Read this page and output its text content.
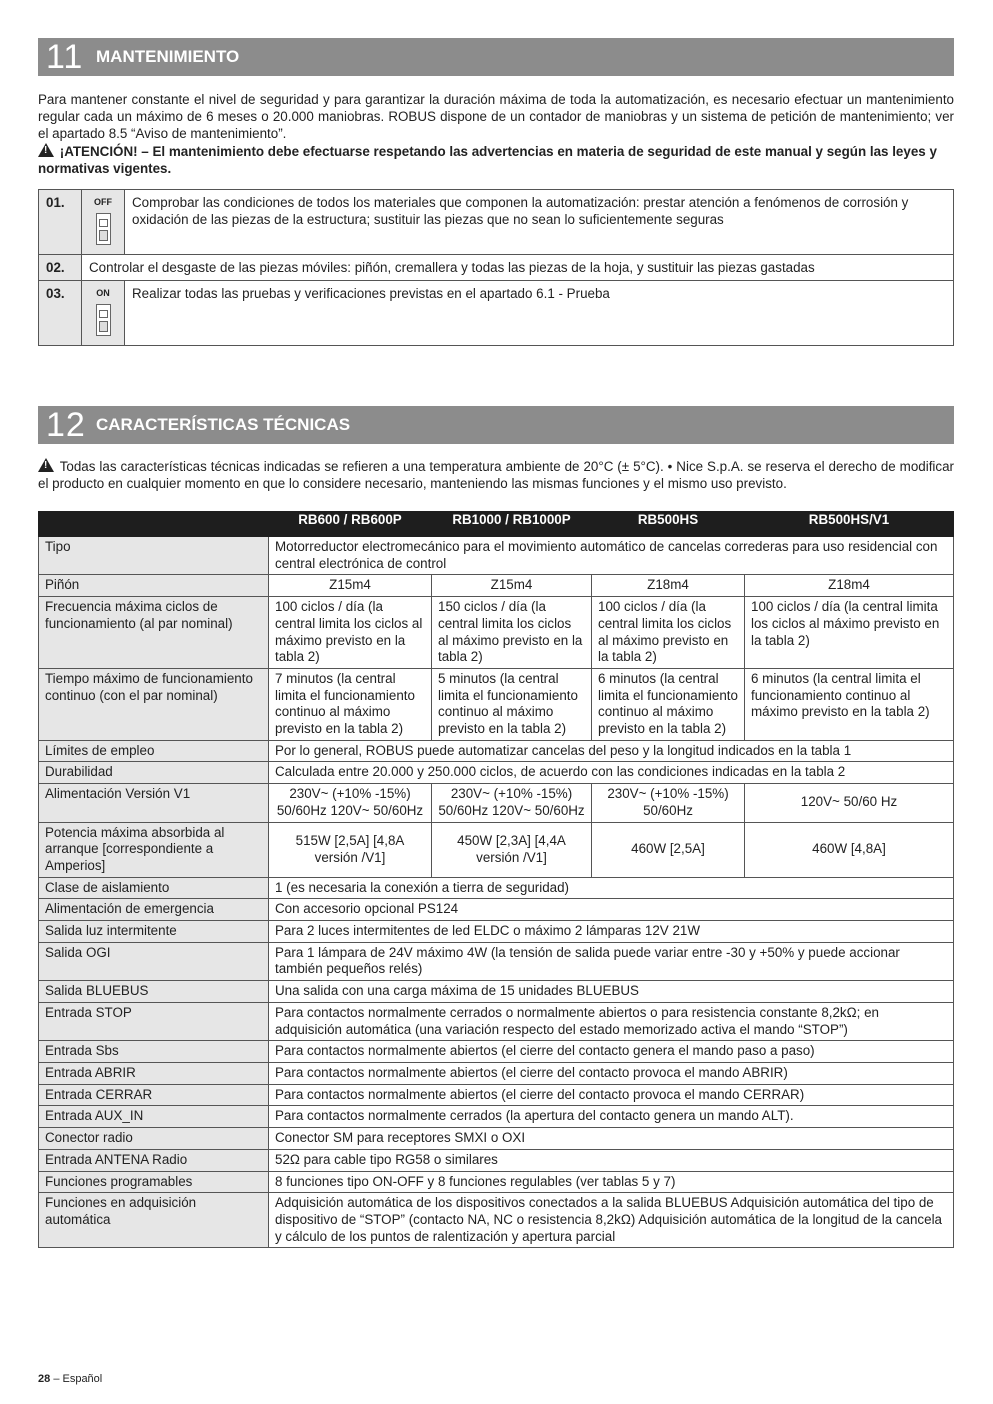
11 MANTENIMIENTO

Para mantener constante el nivel de seguridad y para garantizar la duración máxima de toda la automatización, es necesario efectuar un mantenimiento regular cada un máximo de 6 meses o 20.000 maniobras. ROBUS dispone de un contador de maniobras y un sistema de petición de mantenimiento; ver el apartado 8.5 “Aviso de mantenimiento”.

! ¡ATENCIÓN! – El mantenimiento debe efectuarse respetando las advertencias en materia de seguridad de este manual y según las leyes y normativas vigentes.

01.	OFF	Comprobar las condiciones de todos los materiales que componen la automatización: prestar atención a fenómenos de corrosión y oxidación de las piezas de la estructura; sustituir las piezas que no sean lo suficientemente seguras
02.	Controlar el desgaste de las piezas móviles: piñón, cremallera y todas las piezas de la hoja, y sustituir las piezas gastadas	
03.	ON	Realizar todas las pruebas y verificaciones previstas en el apartado 6.1 - Prueba
12 CARACTERÍSTICAS TÉCNICAS

! Todas las características técnicas indicadas se refieren a una temperatura ambiente de 20°C (± 5°C). • Nice S.p.A. se reserva el derecho de modificar el producto en cualquier momento en que lo considere necesario, manteniendo las mismas funciones y el mismo uso previsto.

	RB600 / RB600P	RB1000 / RB1000P	RB500HS	RB500HS/V1
Tipo	Motorreductor electromecánico para el movimiento automático de cancelas correderas para uso residencial con central electrónica de control			
Piñón	Z15m4	Z15m4	Z18m4	Z18m4
Frecuencia máxima ciclos de funcionamiento (al par nominal)	100 ciclos / día (la central limita los ciclos al máximo previsto en la tabla 2)	150 ciclos / día (la central limita los ciclos al máximo previsto en la tabla 2)	100 ciclos / día (la central limita los ciclos al máximo previsto en la tabla 2)	100 ciclos / día (la central limita los ciclos al máximo previsto en la tabla 2)
Tiempo máximo de funcionamiento continuo (con el par nominal)	7 minutos (la central limita el funcionamiento continuo al máximo previsto en la tabla 2)	5 minutos (la central limita el funcionamiento continuo al máximo previsto en la tabla 2)	6 minutos (la central limita el funcionamiento continuo al máximo previsto en la tabla 2)	6 minutos (la central limita el funcionamiento continuo al máximo previsto en la tabla 2)
Límites de empleo	Por lo general, ROBUS puede automatizar cancelas del peso y la longitud indicados en la tabla 1			
Durabilidad	Calculada entre 20.000 y 250.000 ciclos, de acuerdo con las condiciones indicadas en la tabla 2			
Alimentación Versión V1	230V~ (+10% -15%) 50/60Hz 120V~ 50/60Hz	230V~ (+10% -15%) 50/60Hz 120V~ 50/60Hz	230V~ (+10% -15%) 50/60Hz	120V~ 50/60 Hz
Potencia máxima absorbida al arranque [correspondiente a Amperios]	515W [2,5A] [4,8A versión /V1]	450W [2,3A] [4,4A versión /V1]	460W [2,5A]	460W [4,8A]
Clase de aislamiento	1 (es necesaria la conexión a tierra de seguridad)			
Alimentación de emergencia	Con accesorio opcional PS124			
Salida luz intermitente	Para 2 luces intermitentes de led ELDC o máximo 2 lámparas 12V 21W			
Salida OGI	Para 1 lámpara de 24V máximo 4W (la tensión de salida puede variar entre -30 y +50% y puede accionar también pequeños relés)			
Salida BLUEBUS	Una salida con una carga máxima de 15 unidades BLUEBUS			
Entrada STOP	Para contactos normalmente cerrados o normalmente abiertos o para resistencia constante 8,2kΩ; en adquisición automática (una variación respecto del estado memorizado activa el mando “STOP”)			
Entrada Sbs	Para contactos normalmente abiertos (el cierre del contacto genera el mando paso a paso)			
Entrada ABRIR	Para contactos normalmente abiertos (el cierre del contacto provoca el mando ABRIR)			
Entrada CERRAR	Para contactos normalmente abiertos (el cierre del contacto provoca el mando CERRAR)			
Entrada AUX_IN	Para contactos normalmente cerrados (la apertura del contacto genera un mando ALT).			
Conector radio	Conector SM para receptores SMXI o OXI			
Entrada ANTENA Radio	52Ω para cable tipo RG58 o similares			
Funciones programables	8 funciones tipo ON-OFF y 8 funciones regulables (ver tablas 5 y 7)			
Funciones en adquisición automática	Adquisición automática de los dispositivos conectados a la salida BLUEBUS Adquisición automática del tipo de dispositivo de “STOP” (contacto NA, NC o resistencia 8,2kΩ) Adquisición automática de la longitud de la cancela y cálculo de los puntos de ralentización y apertura parcial			
28 – Español
